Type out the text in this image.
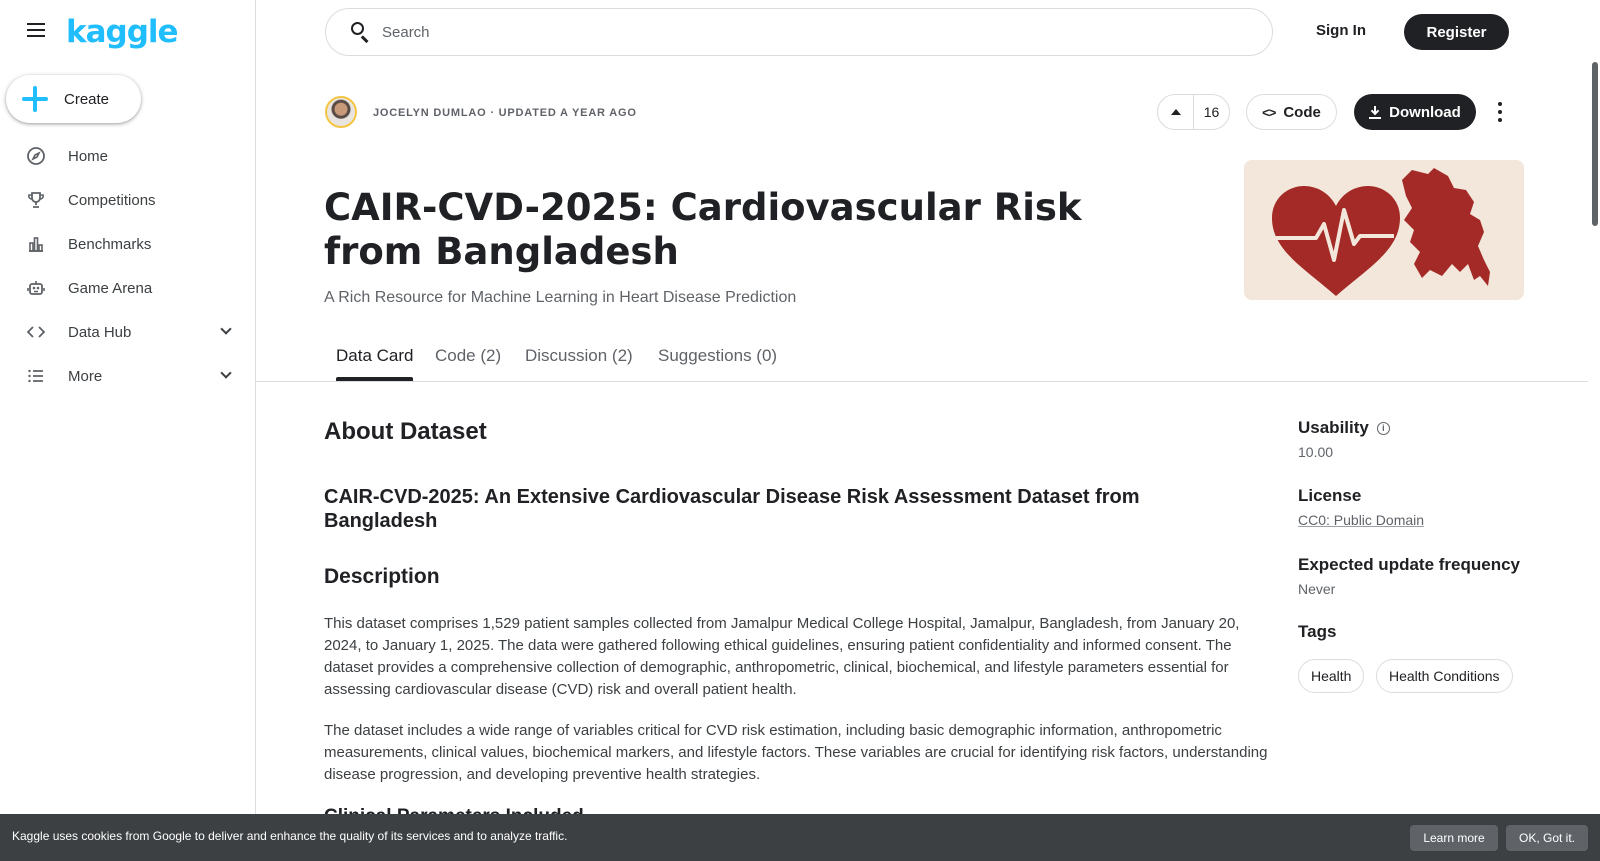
kaggle
Create
Home
Competitions
Benchmarks
Game Arena
Data Hub
More
Search
Sign In	Register
JOCELYN DUMLAO · UPDATED A YEAR AGO	16	<> Code	Download
CAIR-CVD-2025: Cardiovascular Risk from Bangladesh
A Rich Resource for Machine Learning in Heart Disease Prediction
Data Card Code (2) Discussion (2) Suggestions (0)
About Dataset
CAIR-CVD-2025: An Extensive Cardiovascular Disease Risk Assessment Dataset from Bangladesh
Description
This dataset comprises 1,529 patient samples collected from Jamalpur Medical College Hospital, Jamalpur, Bangladesh, from January 20, 2024, to January 1, 2025. The data were gathered following ethical guidelines, ensuring patient confidentiality and informed consent. The dataset provides a comprehensive collection of demographic, anthropometric, clinical, biochemical, and lifestyle parameters essential for assessing cardiovascular disease (CVD) risk and overall patient health.
The dataset includes a wide range of variables critical for CVD risk estimation, including basic demographic information, anthropometric measurements, clinical values, biochemical markers, and lifestyle factors. These variables are crucial for identifying risk factors, understanding disease progression, and developing preventive health strategies.
Usability i
10.00
License
CC0: Public Domain
Expected update frequency
Never
Tags
Health	Health Conditions
Kaggle uses cookies from Google to deliver and enhance the quality of its services and to analyze traffic.	Learn more	OK, Got it.
